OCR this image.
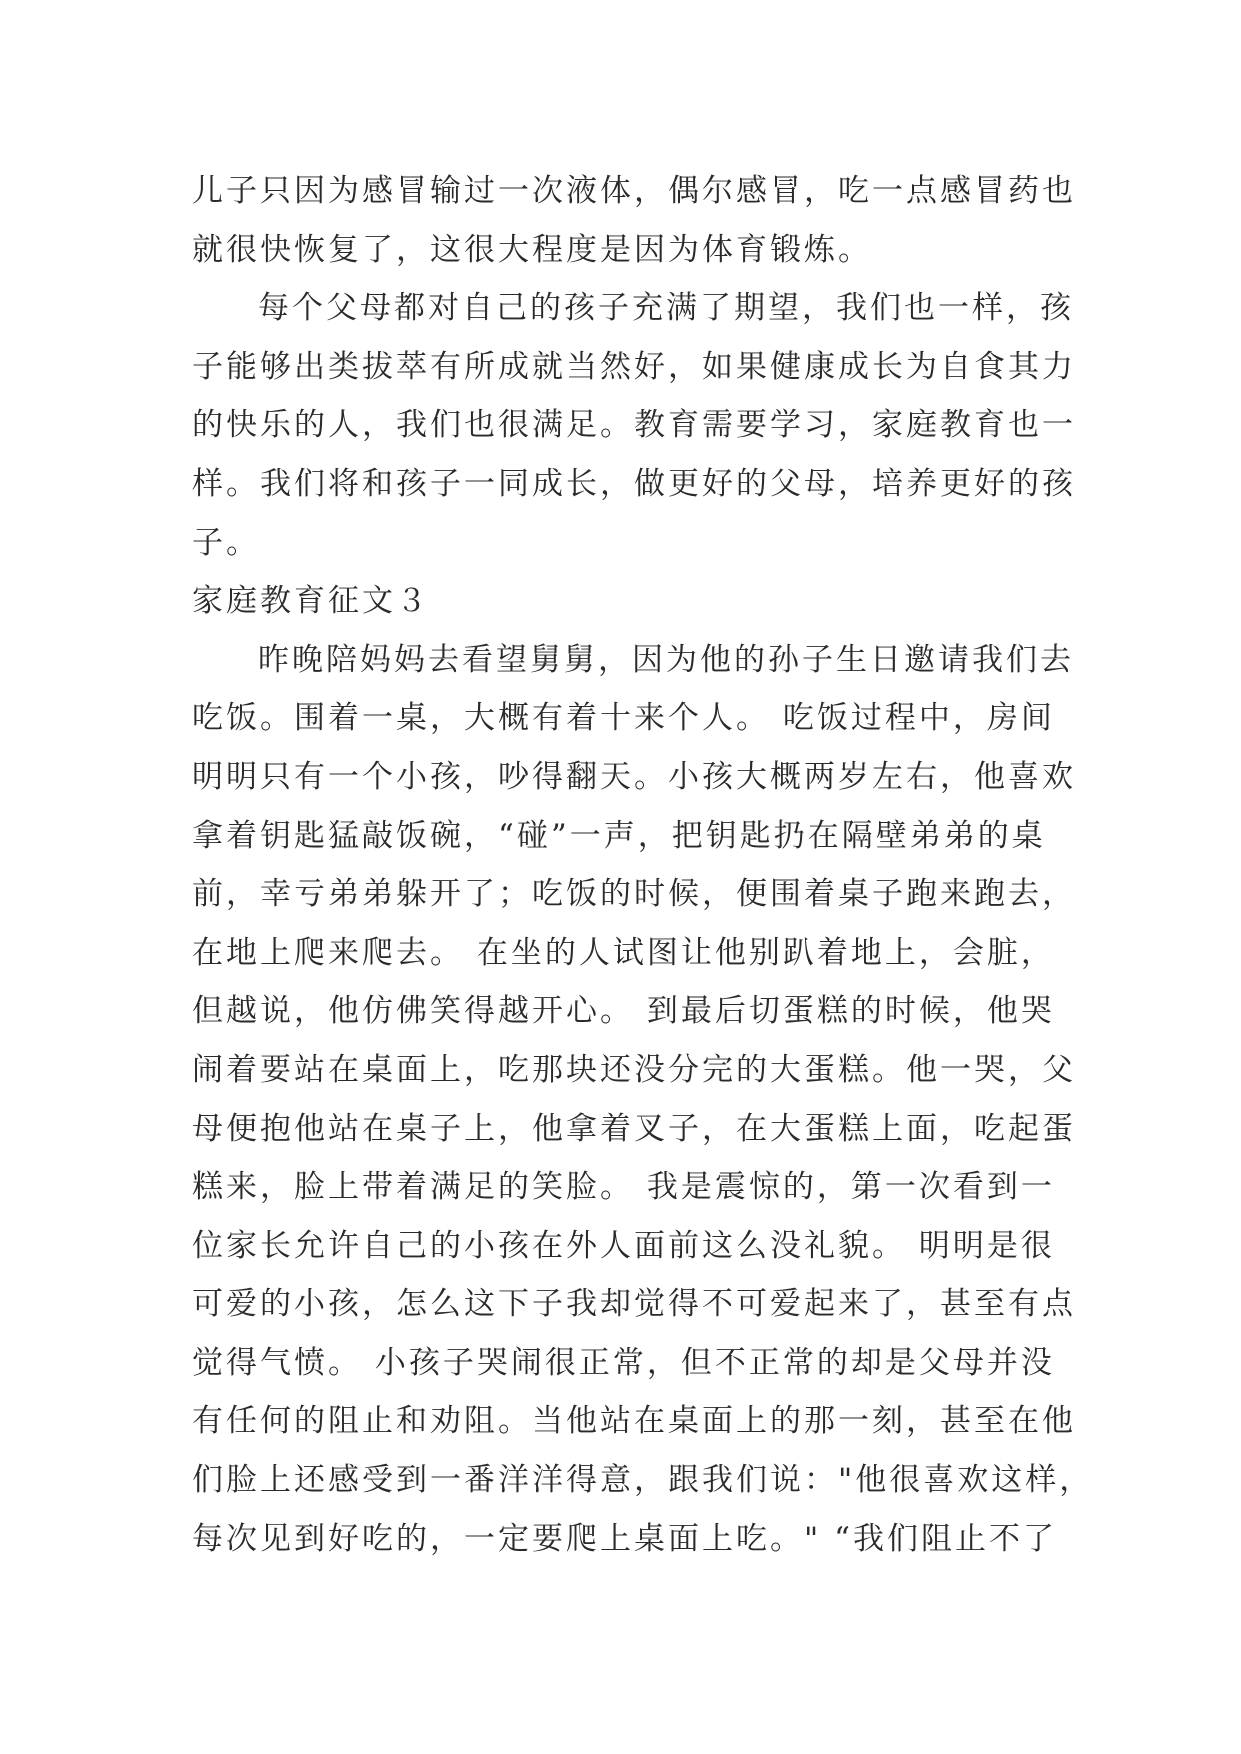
儿子只因为感冒输过一次液体，偶尔感冒，吃一点感冒药也
就很快恢复了，这很大程度是因为体育锻炼。
每个父母都对自己的孩子充满了期望，我们也一样，孩
子能够出类拔萃有所成就当然好，如果健康成长为自食其力
的快乐的人，我们也很满足。教育需要学习，家庭教育也一
样。我们将和孩子一同成长，做更好的父母，培养更好的孩
子。
家庭教育征文３
昨晚陪妈妈去看望舅舅，因为他的孙子生日邀请我们去
吃饭。围着一桌，大概有着十来个人。 吃饭过程中，房间
明明只有一个小孩，吵得翻天。小孩大概两岁左右，他喜欢
拿着钥匙猛敲饭碗，“碰”一声，把钥匙扔在隔壁弟弟的桌
前，幸亏弟弟躲开了；吃饭的时候，便围着桌子跑来跑去，
在地上爬来爬去。 在坐的人试图让他别趴着地上，会脏，
但越说，他仿佛笑得越开心。 到最后切蛋糕的时候，他哭
闹着要站在桌面上，吃那块还没分完的大蛋糕。他一哭，父
母便抱他站在桌子上，他拿着叉子，在大蛋糕上面，吃起蛋
糕来，脸上带着满足的笑脸。 我是震惊的，第一次看到一
位家长允许自己的小孩在外人面前这么没礼貌。 明明是很
可爱的小孩，怎么这下子我却觉得不可爱起来了，甚至有点
觉得气愤。 小孩子哭闹很正常，但不正常的却是父母并没
有任何的阻止和劝阻。当他站在桌面上的那一刻，甚至在他
们脸上还感受到一番洋洋得意，跟我们说："他很喜欢这样，
每次见到好吃的，一定要爬上桌面上吃。" “我们阻止不了
